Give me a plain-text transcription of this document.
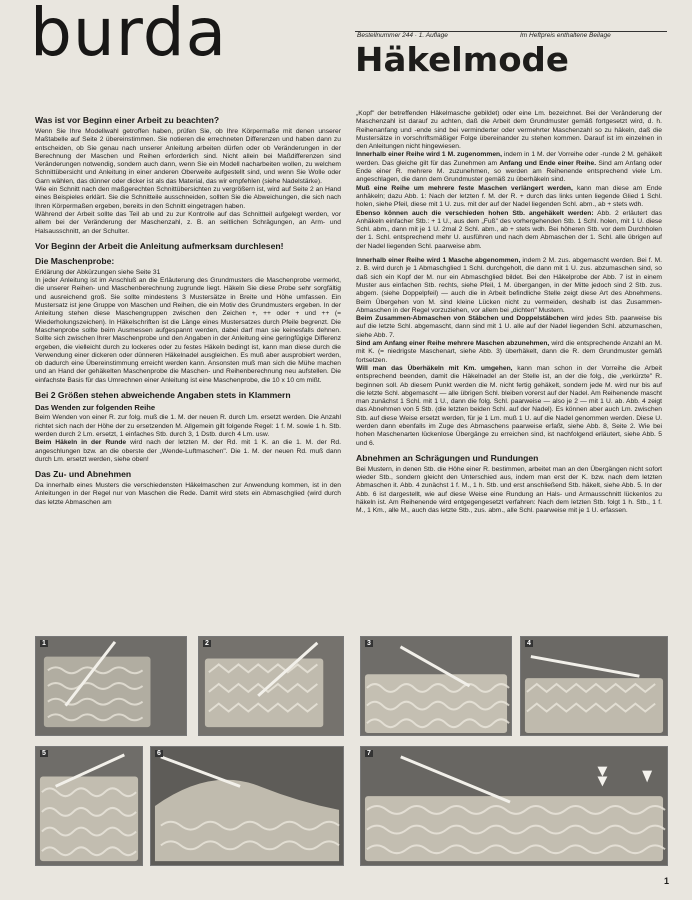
burda	Bestellnummer 244 · 1. Auflage	Im Heftpreis enthaltene Beilage
Häkelmode
Was ist vor Beginn einer Arbeit zu beachten?

Wenn Sie Ihre Modellwahl getroffen haben, prüfen Sie, ob Ihre Körpermaße mit denen unserer Maßtabelle auf Seite 2 übereinstimmen. Sie notieren die errechneten Differenzen und haben dann zu entscheiden, ob Sie genau nach unserer Anleitung arbeiten dürfen oder ob Veränderungen in der Berechnung der Maschen und Reihen erforderlich sind. Nicht allein bei Maßdifferenzen sind Veränderungen notwendig, sondern auch dann, wenn Sie ein Modell nacharbeiten wollen, zu welchem Schnittübersicht und Anleitung in einer anderen Oberweite aufgestellt sind, und wenn Sie Wolle oder Garn wählen, das dünner oder dicker ist als das Material, das wir empfehlen (siehe Nadelstärke).

Wie ein Schnitt nach den maßgerechten Schnittübersichten zu vergrößern ist, wird auf Seite 2 an Hand eines Beispieles erklärt. Sie die Schnitteile ausschneiden, sollten Sie die Abweichungen, die sich nach Ihren Körpermaßen ergeben, bereits in den Schnitt eingetragen haben.

Während der Arbeit sollte das Teil ab und zu zur Kontrolle auf das Schnittteil aufgelegt werden, vor allem bei der Veränderung der Maschenzahl, z. B. an seitlichen Schrägungen, an Arm- und Halsausschnitt, an der Schulter.

Vor Beginn der Arbeit die Anleitung aufmerksam durchlesen!
Die Maschenprobe:

Erklärung der Abkürzungen siehe Seite 31

In jeder Anleitung ist im Anschluß an die Erläuterung des Grundmusters die Maschenprobe vermerkt, die unserer Reihen- und Maschenberechnung zugrunde liegt. Häkeln Sie diese Probe sehr sorgfältig und ausreichend groß. Sie sollte mindestens 3 Mustersätze in Breite und Höhe umfassen. Ein Mustersatz ist jene Gruppe von Maschen und Reihen, die ein Motiv des Grundmusters ergeben. In der Anleitung stehen diese Maschengruppen zwischen den Zeichen +, ++ oder + und ++ (= Wiederholungszeichen). In Häkelschriften ist die Länge eines Mustersatzes durch Pfeile begrenzt. Die Maschenprobe sollte beim Ausmessen aufgespannt werden, dabei darf man sie keinesfalls dehnen. Sollte sich zwischen Ihrer Maschenprobe und den Angaben in der Anleitung eine geringfügige Differenz ergeben, die vielleicht durch zu lockeres oder zu festes Häkeln bedingt ist, kann man diese durch die Verwendung einer dickeren oder dünneren Häkelnadel ausgleichen. Es muß aber ausprobiert werden, ob dadurch eine Übereinstimmung erreicht werden kann. Ansonsten muß man sich die Mühe machen und an Hand der gehäkelten Maschenprobe die Maschen- und Reihenberechnung neu aufstellen. Die einfachste Basis für das Umrechnen einer Anleitung ist eine Maschenprobe, die 10 x 10 cm mißt.

Bei 2 Größen stehen abweichende Angaben stets in Klammern
Das Wenden zur folgenden Reihe

Beim Wenden von einer R. zur folg. muß die 1. M. der neuen R. durch Lm. ersetzt werden. Die Anzahl richtet sich nach der Höhe der zu ersetzenden M. Allgemein gilt folgende Regel: 1 f. M. sowie 1 h. Stb. werden durch 2 Lm. ersetzt, 1 einfaches Stb. durch 3, 1 Dstb. durch 4 Lm. usw.

Beim Häkeln in der Runde wird nach der letzten M. der Rd. mit 1 K. an die 1. M. der Rd. angeschlungen bzw. an die oberste der „Wende-Luftmaschen". Die 1. M. der neuen Rd. muß dann durch Lm. ersetzt werden, siehe oben!

Das Zu- und Abnehmen

Da innerhalb eines Musters die verschiedensten Häkelmaschen zur Anwendung kommen, ist in den Anleitungen in der Regel nur von Maschen die Rede. Damit wird stets ein Abmaschglied (wird durch das letzte Abmaschen am

„Kopf" der betreffenden Häkelmasche gebildet) oder eine Lm. bezeichnet. Bei der Veränderung der Maschenzahl ist darauf zu achten, daß die Arbeit dem Grundmuster gemäß fortgesetzt wird, d. h. Reihenanfang und -ende sind bei verminderter oder vermehrter Maschenzahl so zu häkeln, daß die Mustersätze in vorschriftsmäßiger Folge übereinander zu stehen kommen. Darauf ist im einzelnen in den Anleitungen nicht hingewiesen.

Innerhalb einer Reihe wird 1 M. zugenommen, indem in 1 M. der Vorreihe oder -runde 2 M. gehäkelt werden. Das gleiche gilt für das Zunehmen am Anfang und Ende einer Reihe. Sind am Anfang oder Ende einer R. mehrere M. zuzunehmen, so werden am Reihenende entsprechend viele Lm. angeschlagen, die dann dem Grundmuster gemäß zu überhäkeln sind.

Muß eine Reihe um mehrere feste Maschen verlängert werden, kann man diese am Ende anhäkeln; dazu Abb. 1: Nach der letzten f. M. der R. + durch das links unten liegende Glied 1 Schl. holen, siehe Pfeil, diese mit 1 U. zus. mit der auf der Nadel liegenden Schl. abm., ab + stets wdh.

Ebenso können auch die verschieden hohen Stb. angehäkelt werden: Abb. 2 erläutert das Anhäkeln einfacher Stb.: + 1 U., aus dem „Fuß" des vorhergehenden Stb. 1 Schl. holen, mit 1 U. diese Schl. abm., dann mit je 1 U. 2mal 2 Schl. abm., ab + stets wdh. Bei höheren Stb. vor dem Durchholen der 1. Schl. entsprechend mehr U. ausführen und nach dem Abmaschen der 1. Schl. alle übrigen auf der Nadel liegenden Schl. paarweise abm.

Innerhalb einer Reihe wird 1 Masche abgenommen, indem 2 M. zus. abgemascht werden. Bei f. M. z. B. wird durch je 1 Abmaschglied 1 Schl. durchgeholt, die dann mit 1 U. zus. abzumaschen sind, so daß sich ein Kopf der M. nur ein Abmaschglied bildet. Bei den Häkelprobe der Abb. 7 ist in einem Muster aus einfachen Stb. rechts, siehe Pfeil, 1 M. übergangen, in der Mitte jedoch sind 2 Stb. zus. abgem. (siehe Doppelpfeil) — auch die in Arbeit befindliche Stelle zeigt diese Art des Abnehmens. Beim Übergehen von M. sind kleine Lücken nicht zu vermeiden, deshalb ist das Zusammen-Abmaschen in der Regel vorzuziehen, vor allem bei „dichten" Mustern.

Beim Zusammen-Abmaschen von Stäbchen und Doppelstäbchen wird jedes Stb. paarweise bis auf die letzte Schl. abgemascht, dann sind mit 1 U. alle auf der Nadel liegenden Schl. abzumaschen, siehe Abb. 7.

Sind am Anfang einer Reihe mehrere Maschen abzunehmen, wird die entsprechende Anzahl an M. mit K. (= niedrigste Maschenart, siehe Abb. 3) überhäkelt, dann die R. dem Grundmuster gemäß fortsetzen.

Will man das Überhäkeln mit Km. umgehen, kann man schon in der Vorreihe die Arbeit entsprechend beenden, damit die Häkelnadel an der Stelle ist, an der die folg., die „verkürzte" R. beginnen soll. Ab diesem Punkt werden die M. nicht fertig gehäkelt, sondern jede M. wird nur bis auf die letzte Schl. abgemascht — alle übrigen Schl. bleiben vorerst auf der Nadel. Am Reihenende mascht man zunächst 1 Schl. mit 1 U., dann die folg. Schl. paarweise — also je 2 — mit 1 U. ab. Abb. 4 zeigt das Abnehmen von 5 Stb. (die letzten beiden Schl. auf der Nadel). Es können aber auch Lm. zwischen Stb. auf diese Weise ersetzt werden, für je 1 Lm. muß 1 U. auf die Nadel genommen werden. Diese U. werden dann ebenfalls im Zuge des Abmaschens paarweise erfaßt, siehe Abb. 8, Seite 2. Wie bei hohen Maschenarten lückenlose Übergänge zu erreichen sind, ist nachfolgend erläutert, siehe Abb. 5 und 6.

Abnehmen an Schrägungen und Rundungen

Bei Mustern, in denen Stb. die Höhe einer R. bestimmen, arbeitet man an den Übergängen nicht sofort wieder Stb., sondern gleicht den Unterschied aus, indem man erst der K. bzw. nach dem letzten Abmaschen it. Abb. 4 zunächst 1 f. M., 1 h. Stb. und erst anschließend Stb. häkelt, siehe Abb. 5. In der Abb. 6 ist dargestellt, wie auf diese Weise eine Rundung an Hals- und Armausschnitt lückenlos zu häkeln ist. Am Reihenende wird entgegengesetzt verfahren: Nach dem letzten Stb. folgt 1 h. Stb., 1 f. M., 1 Km., alle M., auch das letzte Stb., zus. abm., alle Schl. paarweise mit je 1 U. erfassen.

1	2	3	4
5	6	7
1
